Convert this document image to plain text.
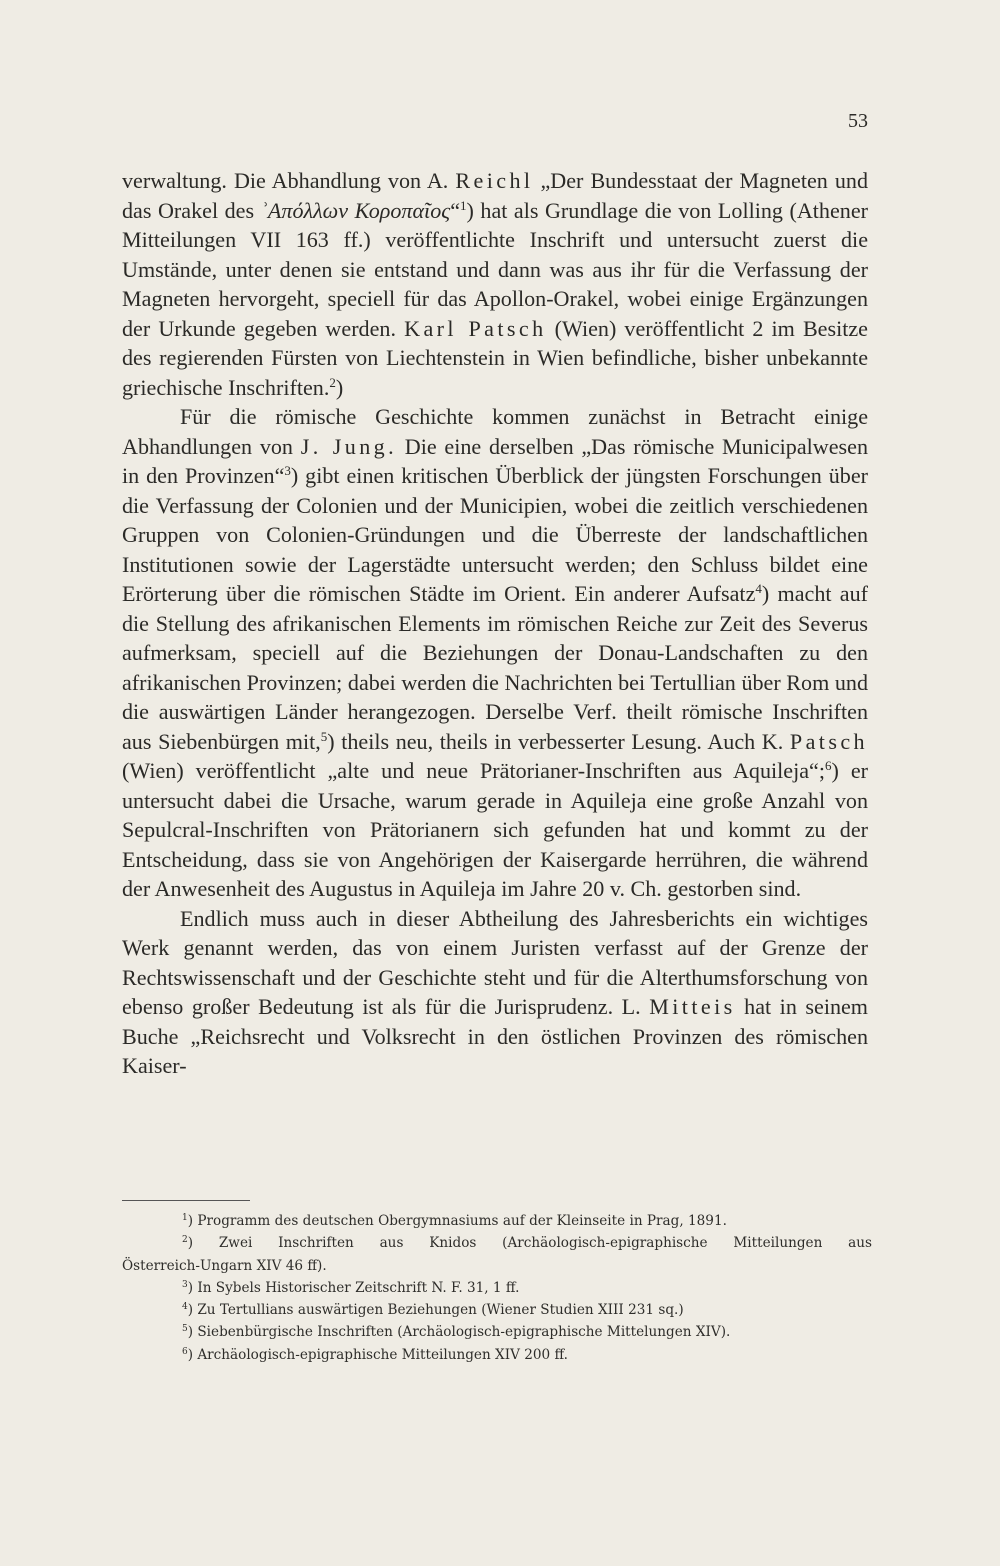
53

verwaltung. Die Abhandlung von A. Reichl „Der Bundesstaat der Magneten und das Orakel des ʾΑπόλλων Κοροπαῖος“$^1$) hat als Grundlage die von Lolling (Athener Mitteilungen VII 163 ff.) veröffentlichte Inschrift und untersucht zuerst die Umstände, unter denen sie entstand und dann was aus ihr für die Verfassung der Magneten hervorgeht, speciell für das Apollon-Orakel, wobei einige Ergänzungen der Urkunde gegeben werden. Karl Patsch (Wien) veröffentlicht 2 im Besitze des regierenden Fürsten von Liechtenstein in Wien befindliche, bisher unbekannte griechische Inschriften.$^2$)

Für die römische Geschichte kommen zunächst in Betracht einige Abhandlungen von J. Jung. Die eine derselben „Das römische Municipalwesen in den Provinzen“$^3$) gibt einen kritischen Überblick der jüngsten Forschungen über die Verfassung der Colonien und der Municipien, wobei die zeitlich verschiedenen Gruppen von Colonien-Gründungen und die Überreste der landschaftlichen Institutionen sowie der Lagerstädte untersucht werden; den Schluss bildet eine Erörterung über die römischen Städte im Orient. Ein anderer Aufsatz$^4$) macht auf die Stellung des afrikanischen Elements im römischen Reiche zur Zeit des Severus aufmerksam, speciell auf die Beziehungen der Donau-Landschaften zu den afrikanischen Provinzen; dabei werden die Nachrichten bei Tertullian über Rom und die auswärtigen Länder herangezogen. Derselbe Verf. theilt römische Inschriften aus Siebenbürgen mit,$^5$) theils neu, theils in verbesserter Lesung. Auch K. Patsch (Wien) veröffentlicht „alte und neue Prätorianer-Inschriften aus Aquileja“;$^6$) er untersucht dabei die Ursache, warum gerade in Aquileja eine große Anzahl von Sepulcral-Inschriften von Prätorianern sich gefunden hat und kommt zu der Entscheidung, dass sie von Angehörigen der Kaisergarde herrühren, die während der Anwesenheit des Augustus in Aquileja im Jahre 20 v. Ch. gestorben sind.

Endlich muss auch in dieser Abtheilung des Jahresberichts ein wichtiges Werk genannt werden, das von einem Juristen verfasst auf der Grenze der Rechtswissenschaft und der Geschichte steht und für die Alterthumsforschung von ebenso großer Bedeutung ist als für die Jurisprudenz. L. Mitteis hat in seinem Buche „Reichsrecht und Volksrecht in den östlichen Provinzen des römischen Kaiser-

$^1$) Programm des deutschen Obergymnasiums auf der Kleinseite in Prag, 1891.
$^2$) Zwei Inschriften aus Knidos (Archäologisch-epigraphische Mitteilungen aus
Österreich-Ungarn XIV 46 ff).
$^3$) In Sybels Historischer Zeitschrift N. F. 31, 1 ff.
$^4$) Zu Tertullians auswärtigen Beziehungen (Wiener Studien XIII 231 sq.)
$^5$) Siebenbürgische Inschriften (Archäologisch-epigraphische Mittelungen XIV).
$^6$) Archäologisch-epigraphische Mitteilungen XIV 200 ff.
